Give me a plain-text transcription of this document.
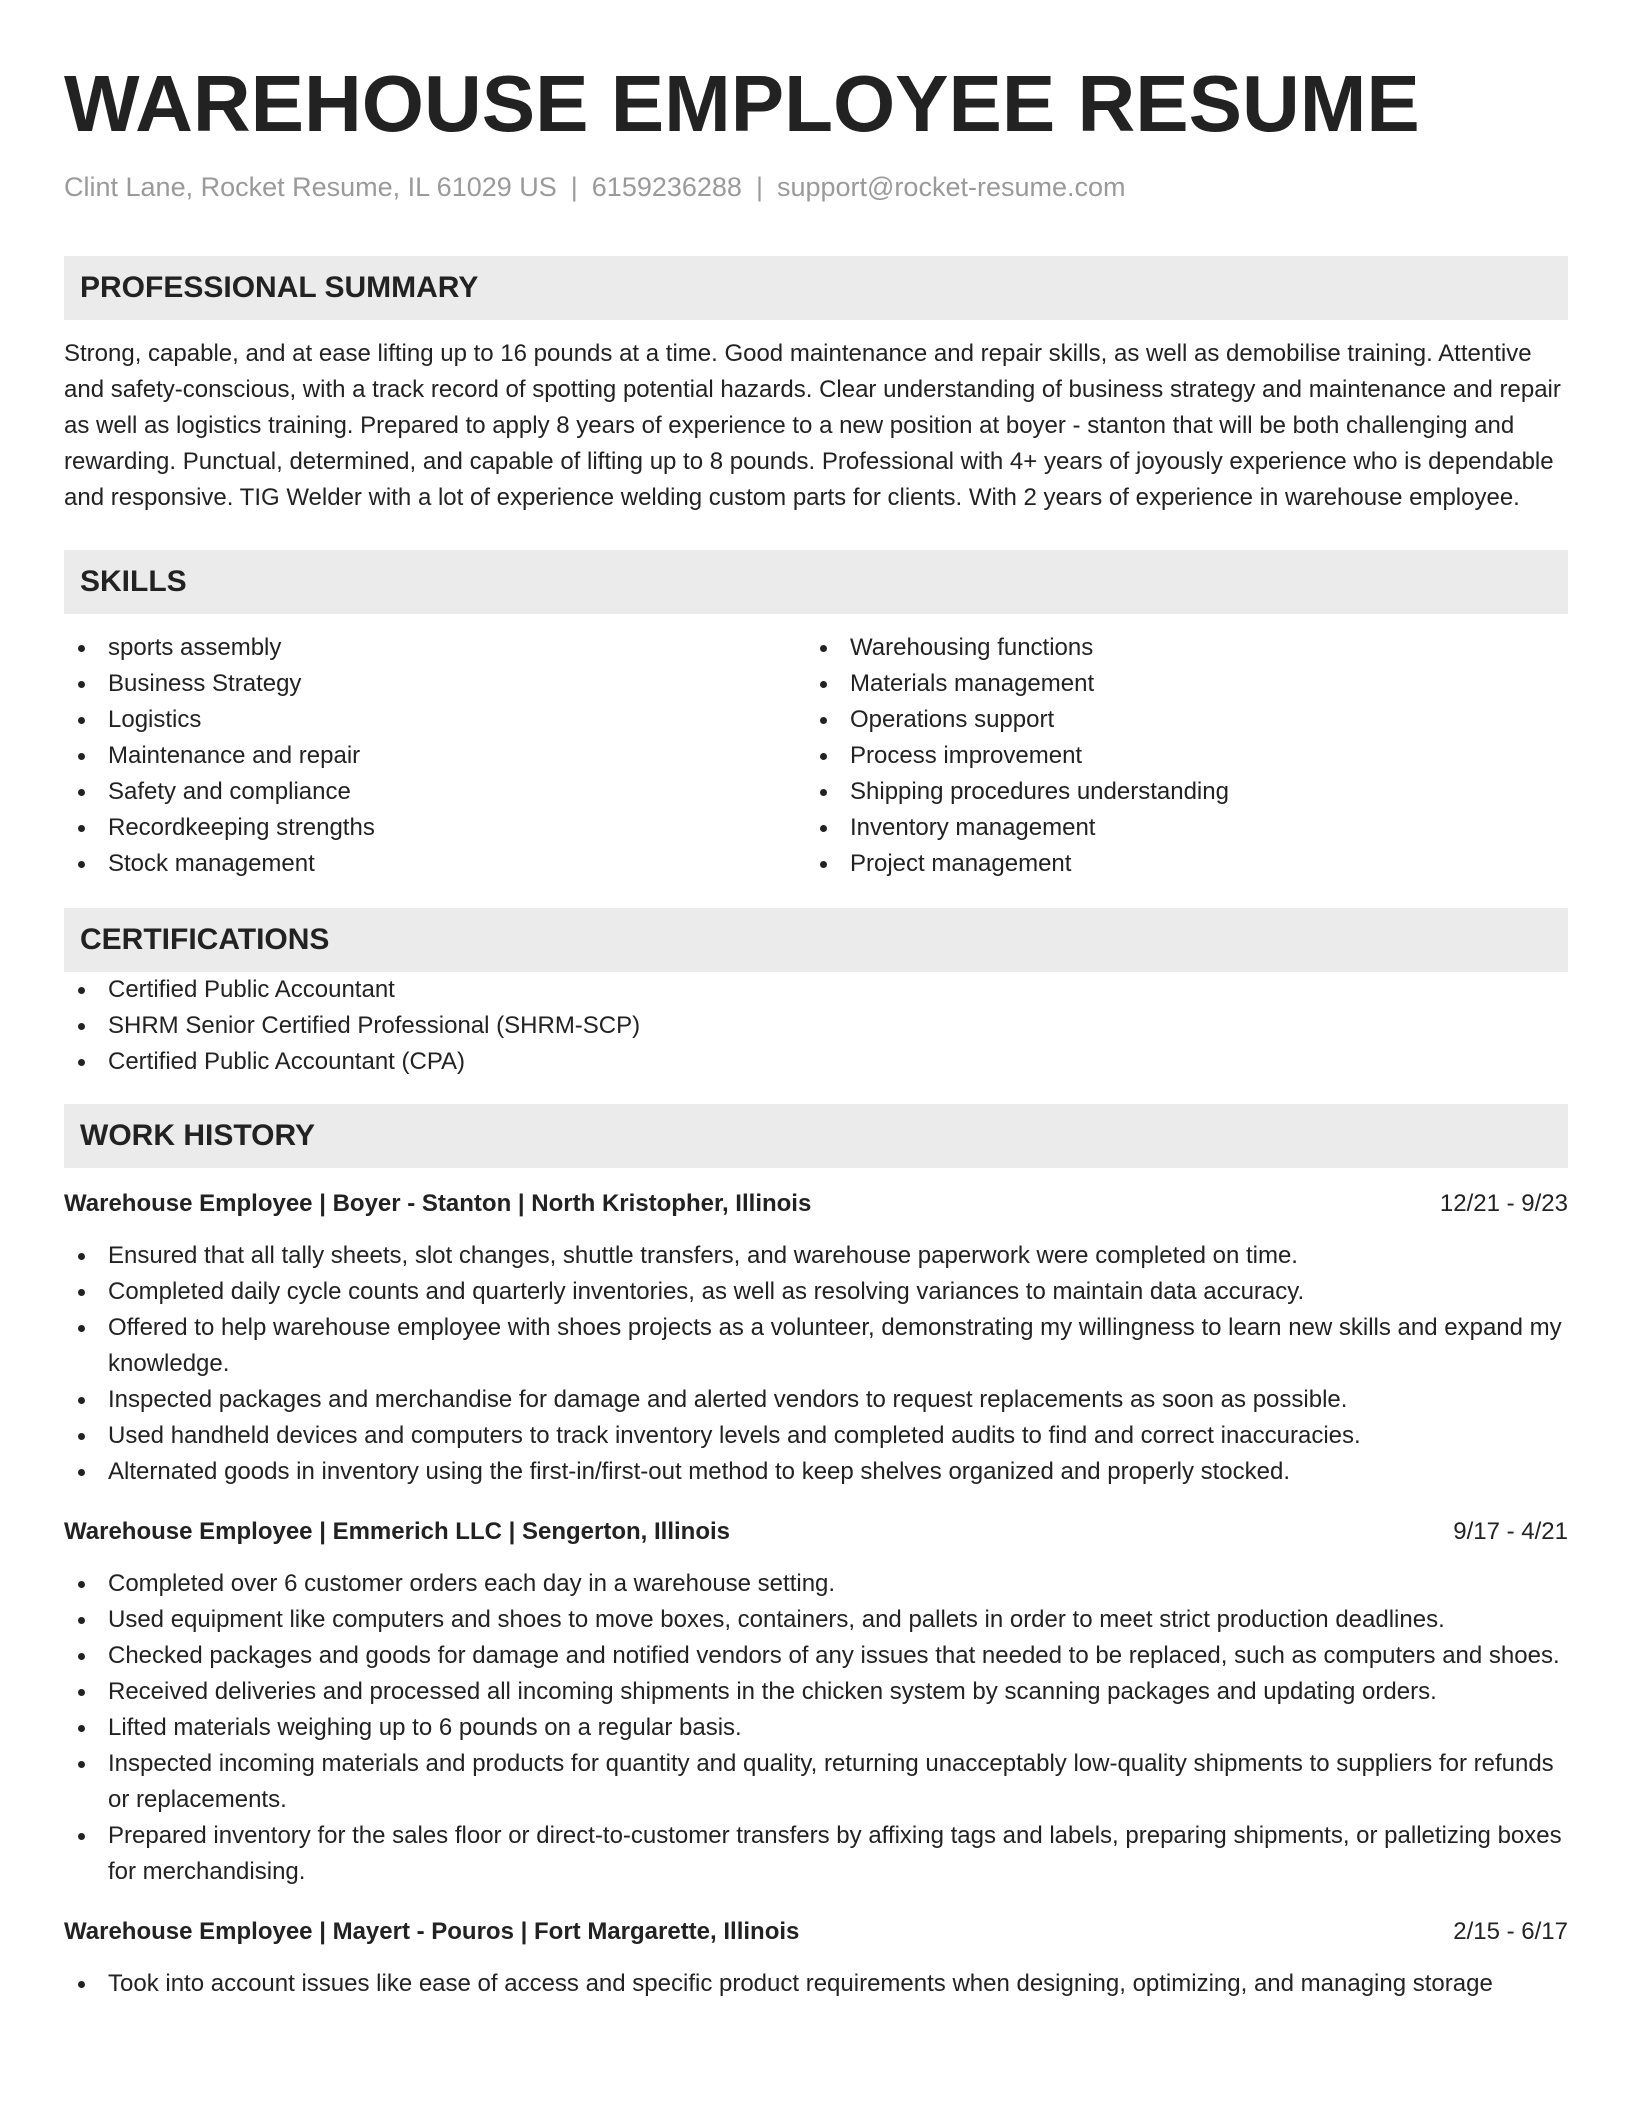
WAREHOUSE EMPLOYEE RESUME
Clint Lane, Rocket Resume, IL 61029 US | 6159236288 | support@rocket-resume.com
PROFESSIONAL SUMMARY
Strong, capable, and at ease lifting up to 16 pounds at a time. Good maintenance and repair skills, as well as demobilise training. Attentive and safety-conscious, with a track record of spotting potential hazards. Clear understanding of business strategy and maintenance and repair as well as logistics training. Prepared to apply 8 years of experience to a new position at boyer - stanton that will be both challenging and rewarding. Punctual, determined, and capable of lifting up to 8 pounds. Professional with 4+ years of joyously experience who is dependable and responsive. TIG Welder with a lot of experience welding custom parts for clients. With 2 years of experience in warehouse employee.
SKILLS
sports assembly
Business Strategy
Logistics
Maintenance and repair
Safety and compliance
Recordkeeping strengths
Stock management
Warehousing functions
Materials management
Operations support
Process improvement
Shipping procedures understanding
Inventory management
Project management
CERTIFICATIONS
Certified Public Accountant
SHRM Senior Certified Professional (SHRM-SCP)
Certified Public Accountant (CPA)
WORK HISTORY
Warehouse Employee | Boyer - Stanton | North Kristopher, Illinois	12/21 - 9/23
Ensured that all tally sheets, slot changes, shuttle transfers, and warehouse paperwork were completed on time.
Completed daily cycle counts and quarterly inventories, as well as resolving variances to maintain data accuracy.
Offered to help warehouse employee with shoes projects as a volunteer, demonstrating my willingness to learn new skills and expand my knowledge.
Inspected packages and merchandise for damage and alerted vendors to request replacements as soon as possible.
Used handheld devices and computers to track inventory levels and completed audits to find and correct inaccuracies.
Alternated goods in inventory using the first-in/first-out method to keep shelves organized and properly stocked.
Warehouse Employee | Emmerich LLC | Sengerton, Illinois	9/17 - 4/21
Completed over 6 customer orders each day in a warehouse setting.
Used equipment like computers and shoes to move boxes, containers, and pallets in order to meet strict production deadlines.
Checked packages and goods for damage and notified vendors of any issues that needed to be replaced, such as computers and shoes.
Received deliveries and processed all incoming shipments in the chicken system by scanning packages and updating orders.
Lifted materials weighing up to 6 pounds on a regular basis.
Inspected incoming materials and products for quantity and quality, returning unacceptably low-quality shipments to suppliers for refunds or replacements.
Prepared inventory for the sales floor or direct-to-customer transfers by affixing tags and labels, preparing shipments, or palletizing boxes for merchandising.
Warehouse Employee | Mayert - Pouros | Fort Margarette, Illinois	2/15 - 6/17
Took into account issues like ease of access and specific product requirements when designing, optimizing, and managing storage
